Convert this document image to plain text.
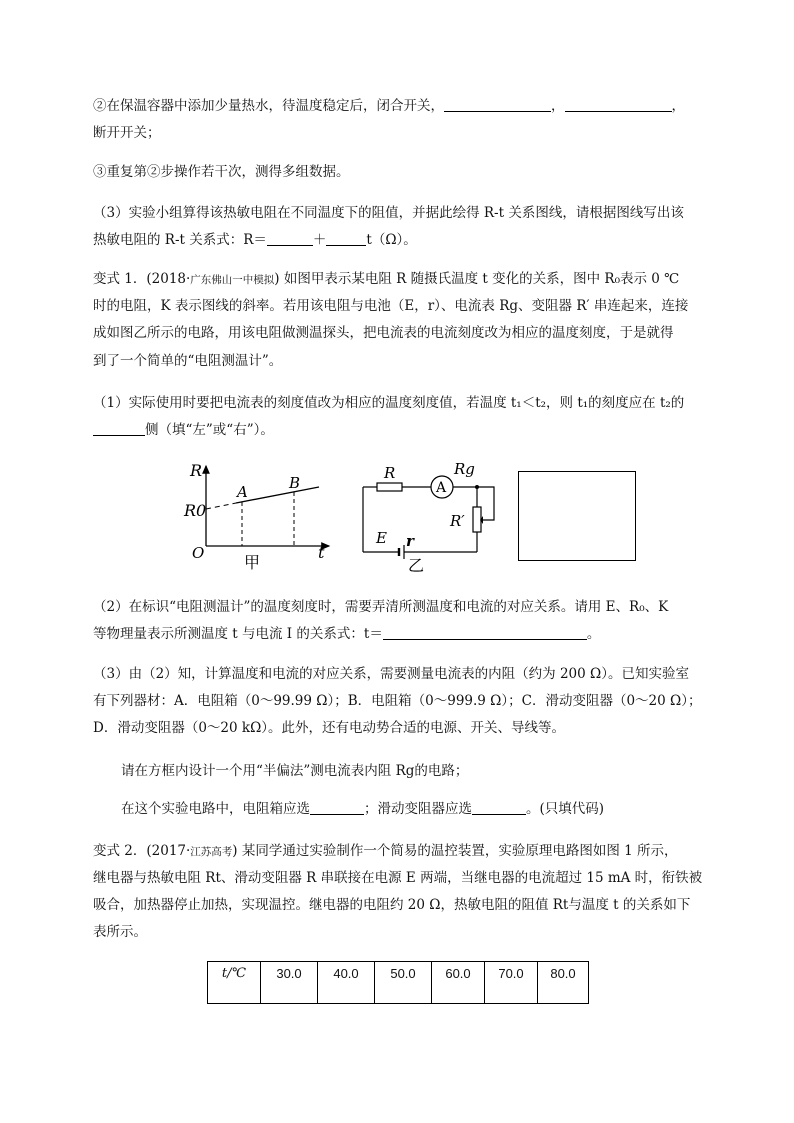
②在保温容器中添加少量热水，待温度稳定后，闭合开关，	，	，
断开开关；
③重复第②步操作若干次，测得多组数据。
（3）实验小组算得该热敏电阻在不同温度下的阻值，并据此绘得 R-t 关系图线，请根据图线写出该
热敏电阻的 R-t 关系式：R＝	＋	t（Ω）。
变式 1．(2018·广东佛山一中模拟) 如图甲表示某电阻 R 随摄氏温度 t 变化的关系，图中 R₀表示 0 ℃
时的电阻，K 表示图线的斜率。若用该电阻与电池（E，r）、电流表 Rg、变阻器 R′ 串连起来，连接
成如图乙所示的电路，用该电阻做测温探头，把电流表的电流刻度改为相应的温度刻度，于是就得
到了一个简单的“电阻测温计”。
（1）实际使用时要把电流表的刻度值改为相应的温度刻度值，若温度 t₁＜t₂，则 t₁的刻度应在 t₂的
侧（填“左”或“右”）。
R
R0
O	t
A	B
甲
R
A
Rg
R′
E r
乙
（2）在标识“电阻测温计”的温度刻度时，需要弄清所测温度和电流的对应关系。请用 E、R₀、K
等物理量表示所测温度 t 与电流 I 的关系式：t＝	。
（3）由（2）知，计算温度和电流的对应关系，需要测量电流表的内阻（约为 200 Ω）。已知实验室
有下列器材：A．电阻箱（0～99.99 Ω）；B．电阻箱（0～999.9 Ω）；C．滑动变阻器（0～20 Ω）；
D．滑动变阻器（0～20 kΩ）。此外，还有电动势合适的电源、开关、导线等。
请在方框内设计一个用“半偏法”测电流表内阻 Rg的电路；
在这个实验电路中，电阻箱应选	；滑动变阻器应选	。(只填代码)
变式 2．(2017·江苏高考) 某同学通过实验制作一个简易的温控装置，实验原理电路图如图 1 所示，
继电器与热敏电阻 Rt、滑动变阻器 R 串联接在电源 E 两端，当继电器的电流超过 15 mA 时，衔铁被
吸合，加热器停止加热，实现温控。继电器的电阻约 20 Ω，热敏电阻的阻值 Rt与温度 t 的关系如下
表所示。
t/℃	30.0	40.0	50.0	60.0	70.0	80.0
